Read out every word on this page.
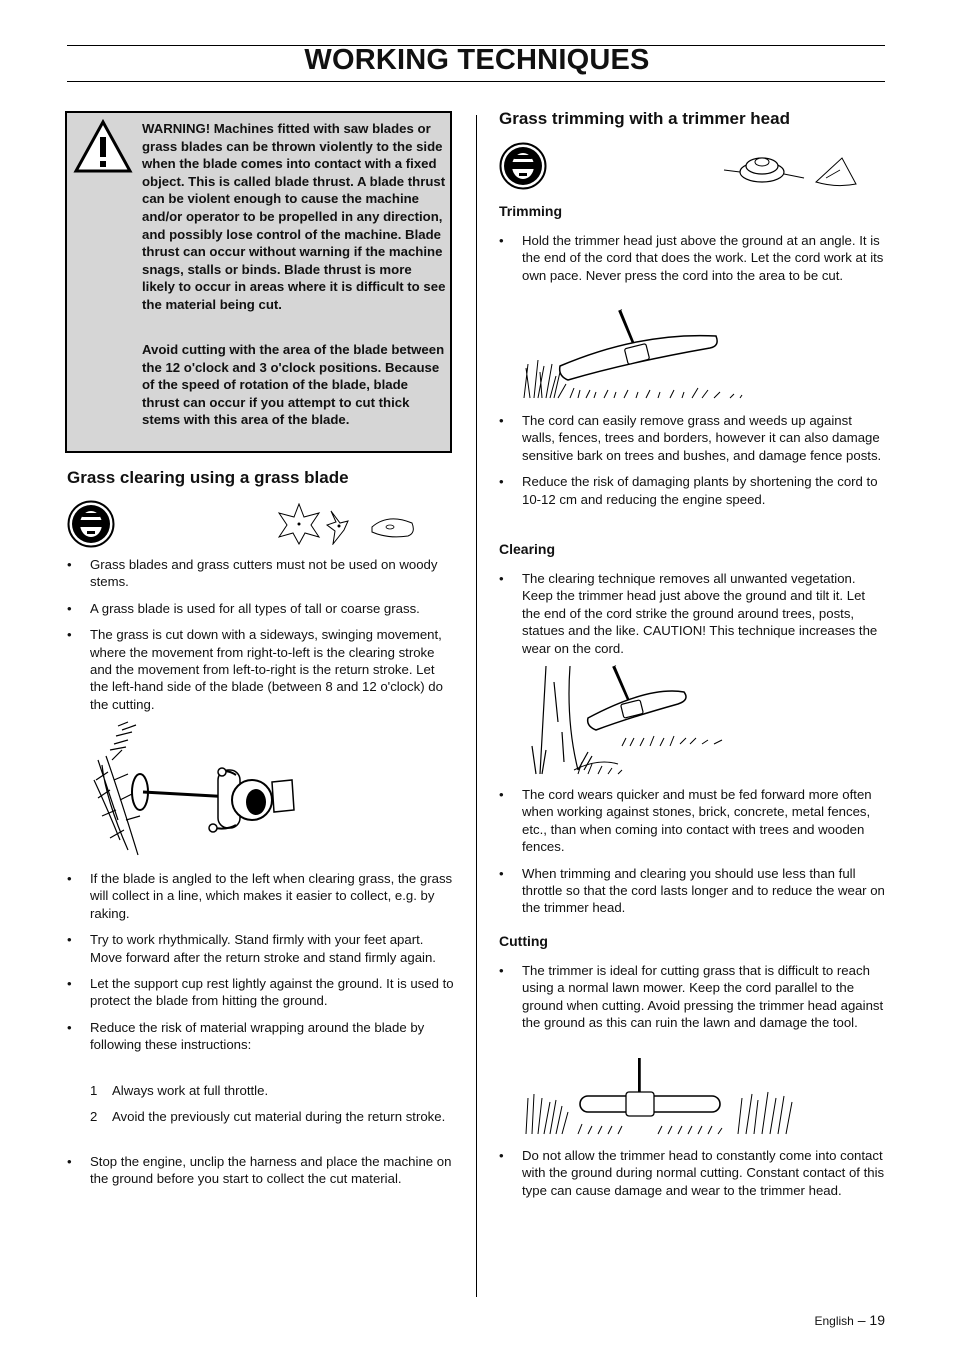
WORKING TECHNIQUES

WARNING! Machines fitted with saw blades or grass blades can be thrown violently to the side when the blade comes into contact with a fixed object. This is called blade thrust. A blade thrust can be violent enough to cause the machine and/or operator to be propelled in any direction, and possibly lose control of the machine. Blade thrust can occur without warning if the machine snags, stalls or binds. Blade thrust is more likely to occur in areas where it is difficult to see the material being cut.

Avoid cutting with the area of the blade between the 12 o'clock and 3 o'clock positions. Because of the speed of rotation of the blade, blade thrust can occur if you attempt to cut thick stems with this area of the blade.

Grass clearing using a grass blade
• Grass blades and grass cutters must not be used on woody stems.
• A grass blade is used for all types of tall or coarse grass.
• The grass is cut down with a sideways, swinging movement, where the movement from right-to-left is the clearing stroke and the movement from left-to-right is the return stroke. Let the left-hand side of the blade (between 8 and 12 o'clock) do the cutting.
• If the blade is angled to the left when clearing grass, the grass will collect in a line, which makes it easier to collect, e.g. by raking.
• Try to work rhythmically. Stand firmly with your feet apart. Move forward after the return stroke and stand firmly again.
• Let the support cup rest lightly against the ground. It is used to protect the blade from hitting the ground.
• Reduce the risk of material wrapping around the blade by following these instructions:
1 Always work at full throttle.
2 Avoid the previously cut material during the return stroke.
• Stop the engine, unclip the harness and place the machine on the ground before you start to collect the cut material.
Grass trimming with a trimmer head
Trimming
• Hold the trimmer head just above the ground at an angle. It is the end of the cord that does the work. Let the cord work at its own pace. Never press the cord into the area to be cut.
• The cord can easily remove grass and weeds up against walls, fences, trees and borders, however it can also damage sensitive bark on trees and bushes, and damage fence posts.
• Reduce the risk of damaging plants by shortening the cord to 10-12 cm and reducing the engine speed.
Clearing
• The clearing technique removes all unwanted vegetation. Keep the trimmer head just above the ground and tilt it. Let the end of the cord strike the ground around trees, posts, statues and the like. CAUTION! This technique increases the wear on the cord.
• The cord wears quicker and must be fed forward more often when working against stones, brick, concrete, metal fences, etc., than when coming into contact with trees and wooden fences.
• When trimming and clearing you should use less than full throttle so that the cord lasts longer and to reduce the wear on the trimmer head.
Cutting
• The trimmer is ideal for cutting grass that is difficult to reach using a normal lawn mower. Keep the cord parallel to the ground when cutting. Avoid pressing the trimmer head against the ground as this can ruin the lawn and damage the tool.
• Do not allow the trimmer head to constantly come into contact with the ground during normal cutting. Constant contact of this type can cause damage and wear to the trimmer head.
English – 19
